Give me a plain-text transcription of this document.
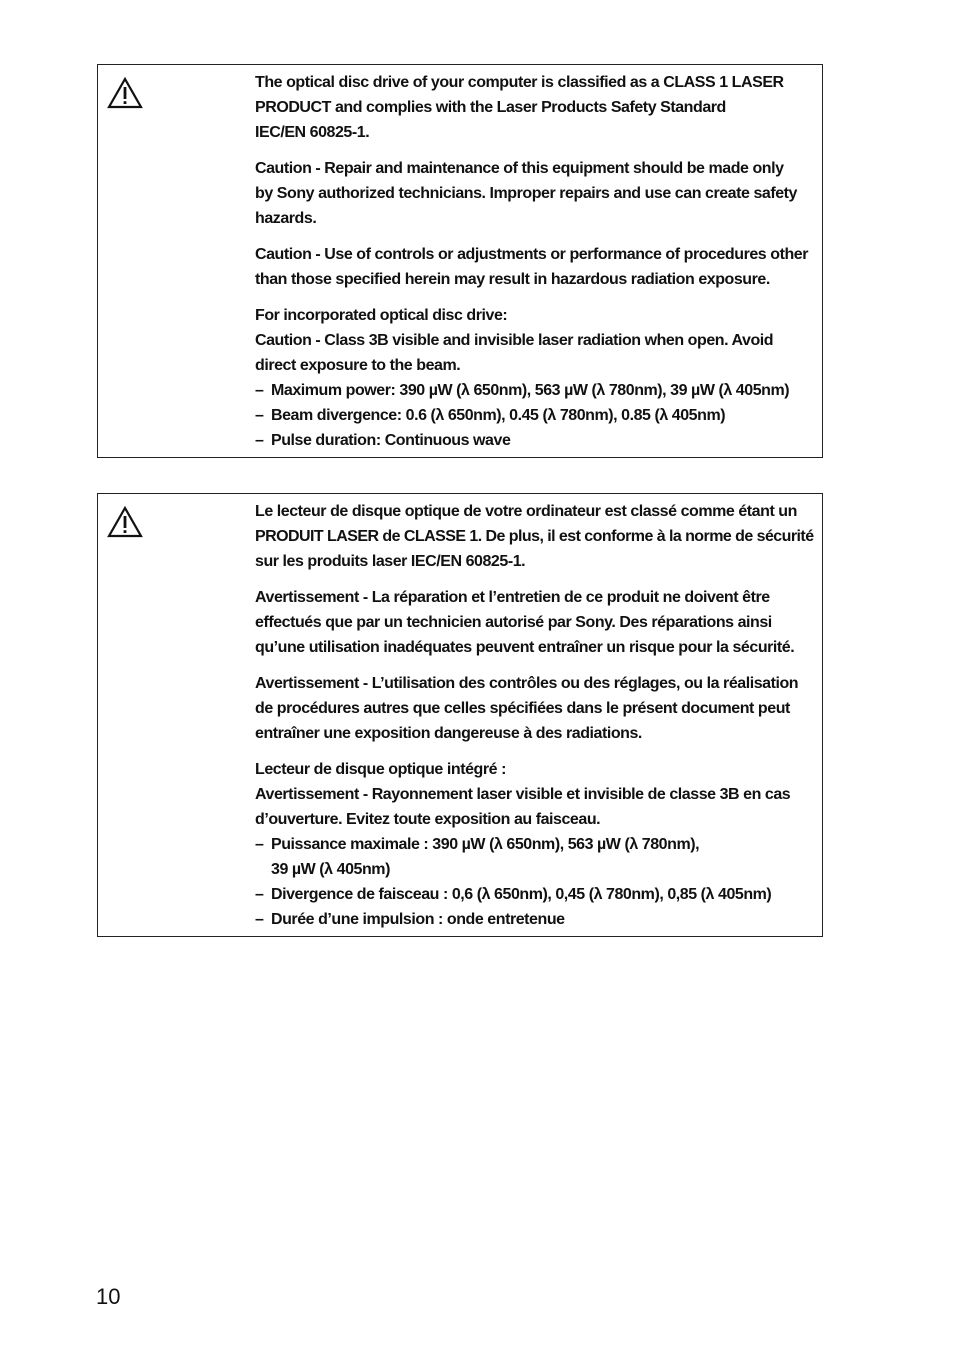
The optical disc drive of your computer is classified as a CLASS 1 LASER
PRODUCT and complies with the Laser Products Safety Standard
IEC/EN 60825-1.
Caution - Repair and maintenance of this equipment should be made only
by Sony authorized technicians. Improper repairs and use can create safety
hazards.
Caution - Use of controls or adjustments or performance of procedures other
than those specified herein may result in hazardous radiation exposure.
For incorporated optical disc drive:
Caution - Class 3B visible and invisible laser radiation when open. Avoid
direct exposure to the beam.
– Maximum power: 390 µW (λ 650nm), 563 µW (λ 780nm), 39 µW (λ 405nm)
– Beam divergence: 0.6 (λ 650nm), 0.45 (λ 780nm), 0.85 (λ 405nm)
– Pulse duration: Continuous wave
Le lecteur de disque optique de votre ordinateur est classé comme étant un
PRODUIT LASER de CLASSE 1. De plus, il est conforme à la norme de sécurité
sur les produits laser IEC/EN 60825-1.
Avertissement - La réparation et l’entretien de ce produit ne doivent être
effectués que par un technicien autorisé par Sony. Des réparations ainsi
qu’une utilisation inadéquates peuvent entraîner un risque pour la sécurité.
Avertissement - L’utilisation des contrôles ou des réglages, ou la réalisation
de procédures autres que celles spécifiées dans le présent document peut
entraîner une exposition dangereuse à des radiations.
Lecteur de disque optique intégré :
Avertissement - Rayonnement laser visible et invisible de classe 3B en cas
d’ouverture. Evitez toute exposition au faisceau.
– Puissance maximale : 390 µW (λ 650nm), 563 µW (λ 780nm),
39 µW (λ 405nm)
– Divergence de faisceau : 0,6 (λ 650nm), 0,45 (λ 780nm), 0,85 (λ 405nm)
– Durée d’une impulsion : onde entretenue
10
